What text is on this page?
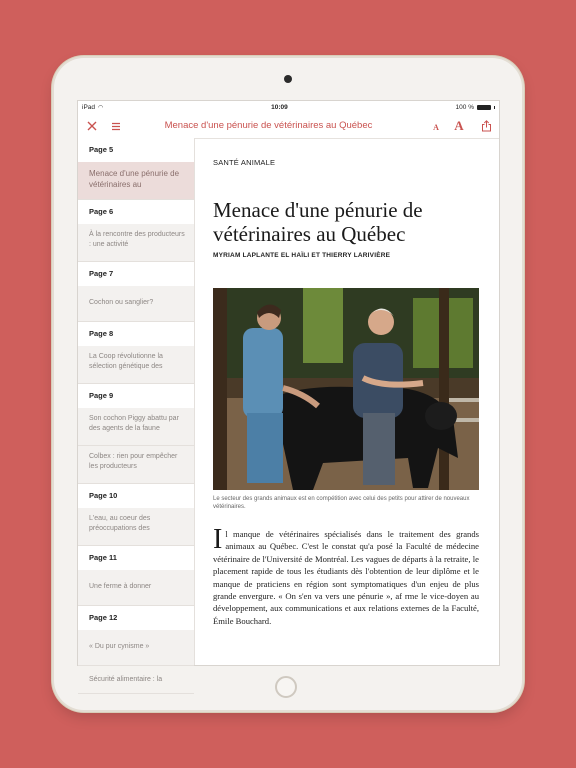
iPad ◠	10:09	100 %
Menace d'une pénurie de vétérinaires au Québec	A A
Page 5
Menace d'une pénurie de vétérinaires au
Page 6
À la rencontre des producteurs : une activité
Page 7
Cochon ou sanglier?
Page 8
La Coop révolutionne la sélection génétique des
Page 9
Son cochon Piggy abattu par des agents de la faune
Colbex : rien pour empêcher les producteurs
Page 10
L'eau, au coeur des préoccupations des
Page 11
Une ferme à donner
Page 12
« Du pur cynisme »
Sécurité alimentaire : la
SANTÉ ANIMALE
Menace d'une pénurie de vétérinaires au Québec
MYRIAM LAPLANTE EL HAÏLI ET THIERRY LARIVIÈRE
Le secteur des grands animaux est en compétition avec celui des petits pour attirer de nouveaux vétérinaires.
Il manque de vétérinaires spécialisés dans le traitement des grands animaux au Québec. C'est le constat qu'a posé la Faculté de médecine vétérinaire de l'Université de Montréal. Les vagues de départs à la retraite, le placement rapide de tous les étudiants dès l'obtention de leur diplôme et le manque de praticiens en région sont symptomatiques d'un enjeu de plus grande envergure. « On s'en va vers une pénurie », af rme le vice-doyen au développement, aux communications et aux relations externes de la Faculté, Émile Bouchard.
